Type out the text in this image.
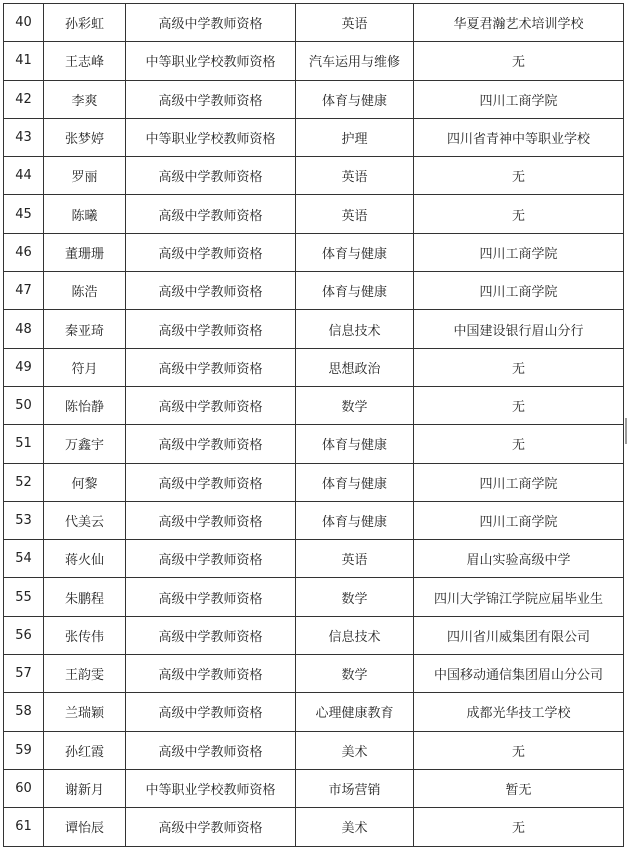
40	孙彩虹	高级中学教师资格	英语	华夏君瀚艺术培训学校
41	王志峰	中等职业学校教师资格	汽车运用与维修	无
42	李爽	高级中学教师资格	体育与健康	四川工商学院
43	张梦婷	中等职业学校教师资格	护理	四川省青神中等职业学校
44	罗丽	高级中学教师资格	英语	无
45	陈曦	高级中学教师资格	英语	无
46	董珊珊	高级中学教师资格	体育与健康	四川工商学院
47	陈浩	高级中学教师资格	体育与健康	四川工商学院
48	秦亚琦	高级中学教师资格	信息技术	中国建设银行眉山分行
49	符月	高级中学教师资格	思想政治	无
50	陈怡静	高级中学教师资格	数学	无
51	万鑫宇	高级中学教师资格	体育与健康	无
52	何黎	高级中学教师资格	体育与健康	四川工商学院
53	代美云	高级中学教师资格	体育与健康	四川工商学院
54	蒋火仙	高级中学教师资格	英语	眉山实验高级中学
55	朱鹏程	高级中学教师资格	数学	四川大学锦江学院应届毕业生
56	张传伟	高级中学教师资格	信息技术	四川省川威集团有限公司
57	王韵雯	高级中学教师资格	数学	中国移动通信集团眉山分公司
58	兰瑞颖	高级中学教师资格	心理健康教育	成都光华技工学校
59	孙红霞	高级中学教师资格	美术	无
60	谢新月	中等职业学校教师资格	市场营销	暂无
61	谭怡辰	高级中学教师资格	美术	无
